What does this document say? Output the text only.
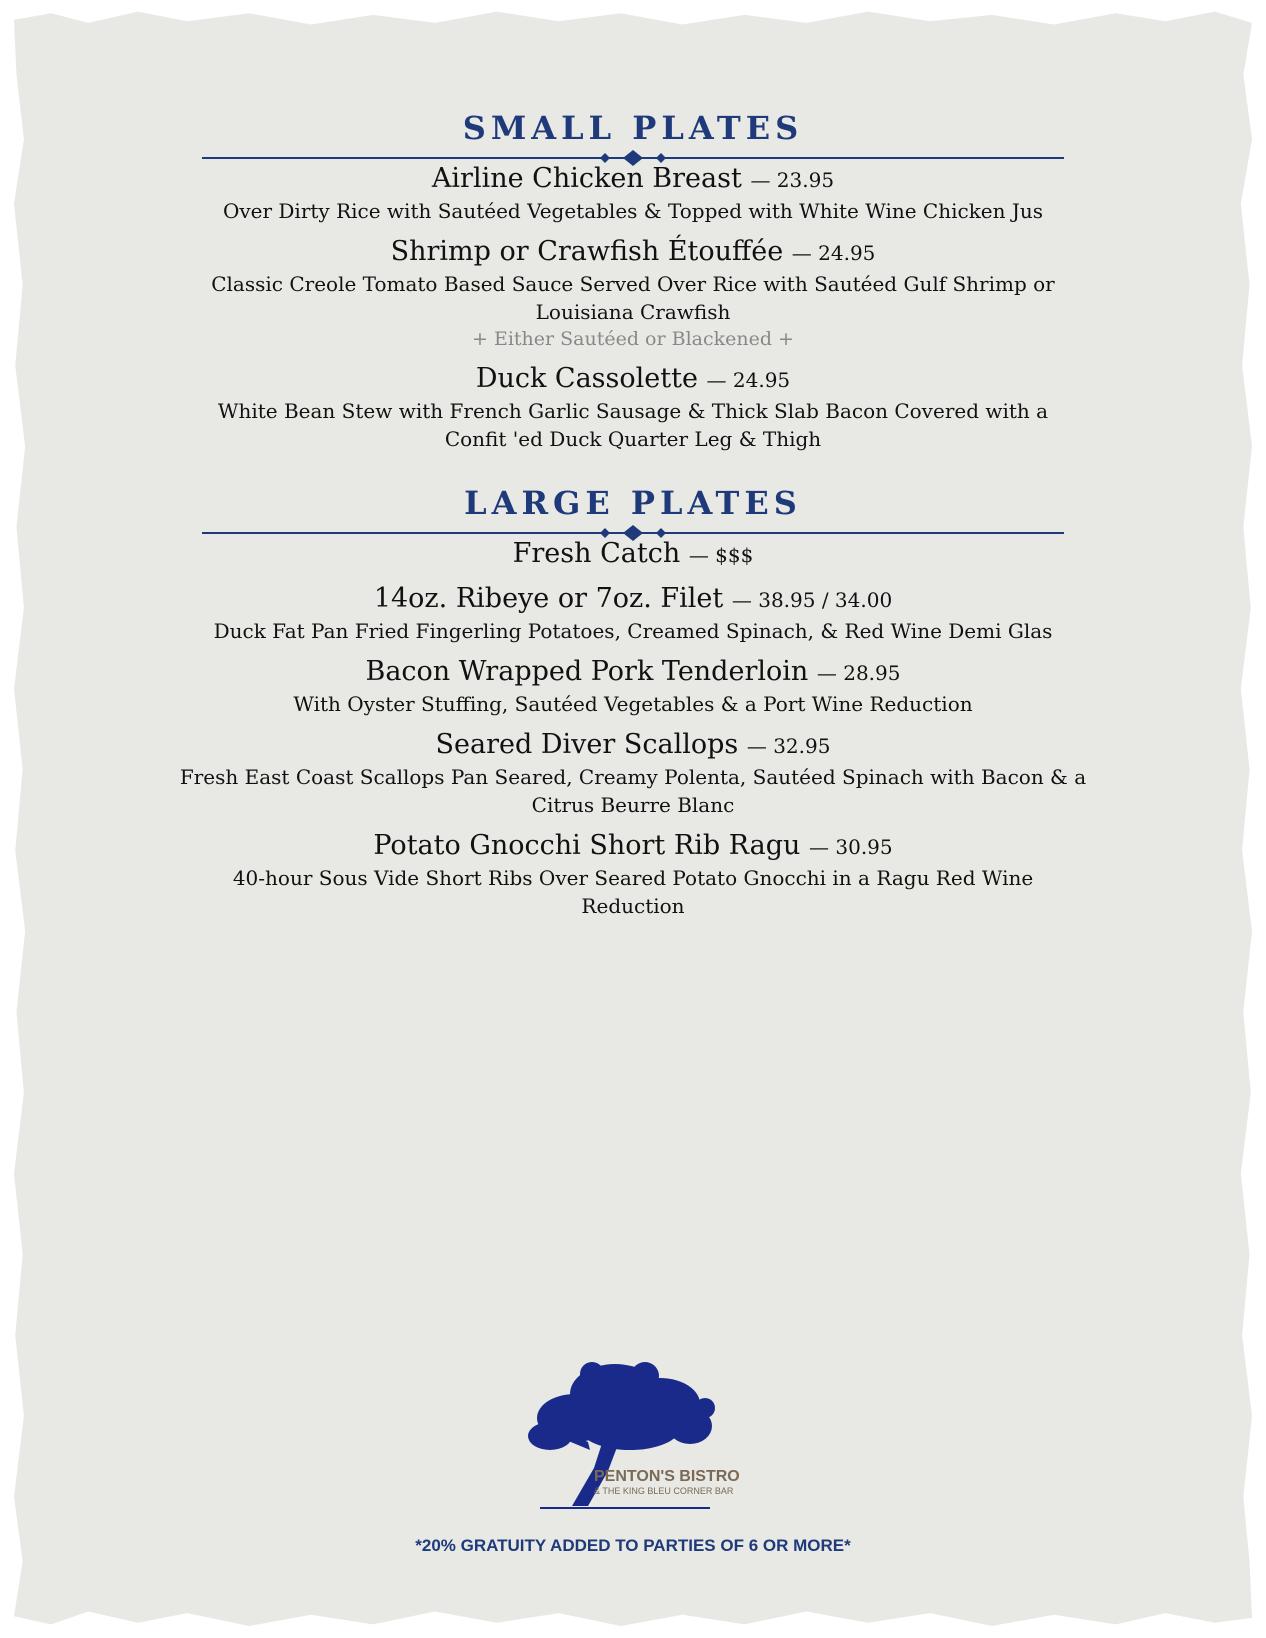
SMALL PLATES

Airline Chicken Breast — 23.95

Over Dirty Rice with Sautéed Vegetables & Topped with White Wine Chicken Jus

Shrimp or Crawfish Étouffée — 24.95

Classic Creole Tomato Based Sauce Served Over Rice with Sautéed Gulf Shrimp or Louisiana Crawfish

+ Either Sautéed or Blackened +

Duck Cassolette — 24.95

White Bean Stew with French Garlic Sausage & Thick Slab Bacon Covered with a Confit 'ed Duck Quarter Leg & Thigh

LARGE PLATES

Fresh Catch — $$$

14oz. Ribeye or 7oz. Filet — 38.95 / 34.00

Duck Fat Pan Fried Fingerling Potatoes, Creamed Spinach, & Red Wine Demi Glas

Bacon Wrapped Pork Tenderloin — 28.95

With Oyster Stuffing, Sautéed Vegetables & a Port Wine Reduction

Seared Diver Scallops — 32.95

Fresh East Coast Scallops Pan Seared, Creamy Polenta, Sautéed Spinach with Bacon & a Citrus Beurre Blanc

Potato Gnocchi Short Rib Ragu — 30.95

40-hour Sous Vide Short Ribs Over Seared Potato Gnocchi in a Ragu Red Wine Reduction

PENTON'S BISTRO
& THE KING BLEU CORNER BAR
*20% GRATUITY ADDED TO PARTIES OF 6 OR MORE*
